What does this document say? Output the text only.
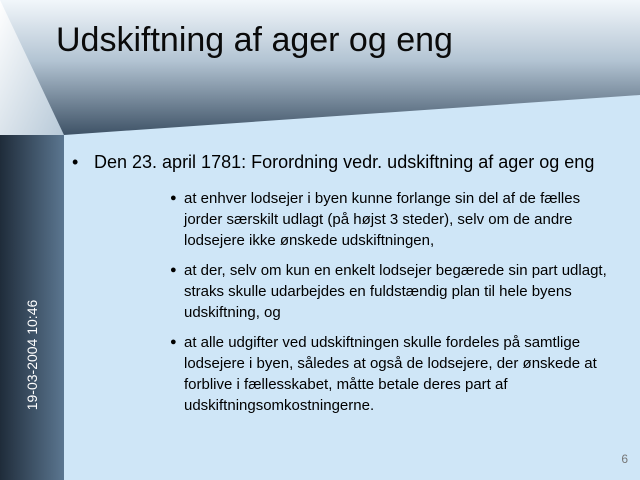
Udskiftning af ager og eng
19-03-2004 10:46
• Den 23. april 1781: Forordning vedr. udskiftning af ager og eng
● at enhver lodsejer i byen kunne forlange sin del af de fælles jorder særskilt udlagt (på højst 3 steder), selv om de andre lodsejere ikke ønskede udskiftningen,
● at der, selv om kun en enkelt lodsejer begærede sin part udlagt, straks skulle udarbejdes en fuldstændig plan til hele byens udskiftning, og
● at alle udgifter ved udskiftningen skulle fordeles på samtlige lodsejere i byen, således at også de lodsejere, der ønskede at forblive i fællesskabet, måtte betale deres part af udskiftningsomkostningerne.
6
